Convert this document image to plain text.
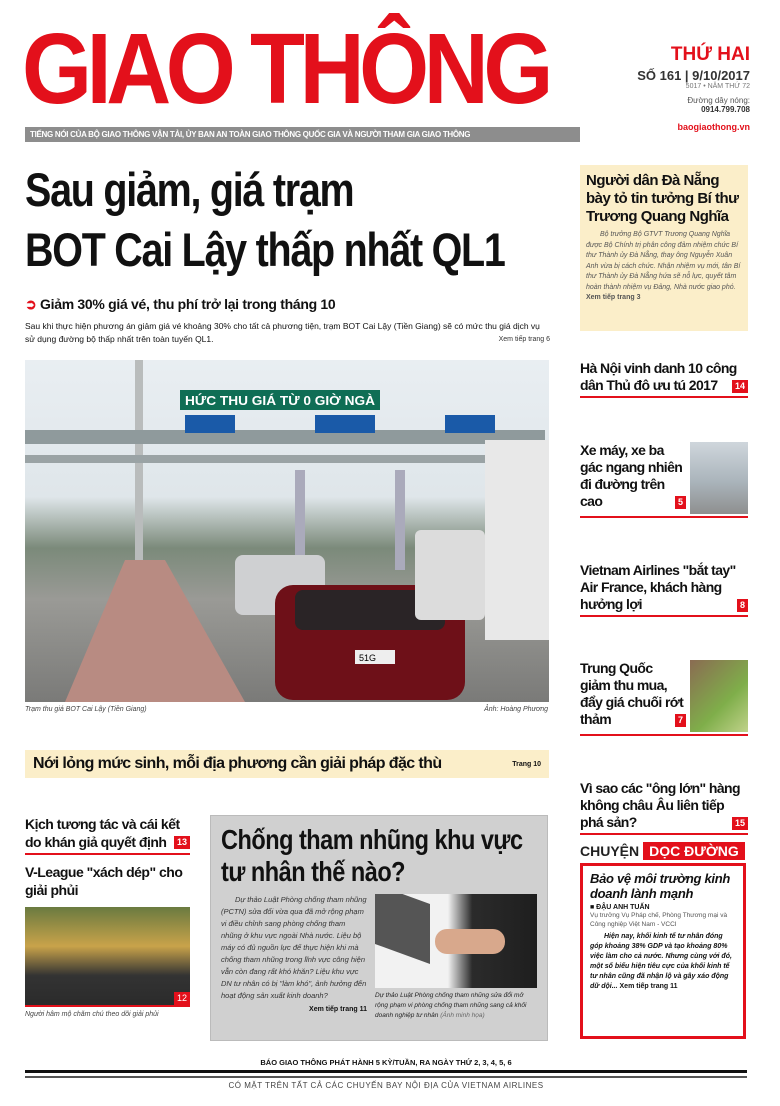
GIAO THÔNG
TIẾNG NÓI CỦA BỘ GIAO THÔNG VẬN TẢI, ỦY BAN AN TOÀN GIAO THÔNG QUỐC GIA VÀ NGƯỜI THAM GIA GIAO THÔNG
THỨ HAI
SỐ 161 | 9/10/2017
5017 • NĂM THỨ 72
Đường dây nóng:
0914.799.708
baogiaothong.vn
Sau giảm, giá trạm
BOT Cai Lậy thấp nhất QL1
➲ Giảm 30% giá vé, thu phí trở lại trong tháng 10
Sau khi thực hiện phương án giảm giá vé khoảng 30% cho tất cả phương tiện, trạm BOT Cai Lậy (Tiền Giang) sẽ có mức thu giá dịch vụ sử dụng đường bộ thấp nhất trên toàn tuyến QL1.	Xem tiếp trang 6
HỨC THU GIÁ TỪ 0 GIỜ NGÀ
51G
Trạm thu giá BOT Cai Lậy (Tiền Giang)	Ảnh: Hoàng Phương
Nới lỏng mức sinh, mỗi địa phương cần giải pháp đặc thù	Trang 10
Kịch tương tác và cái kết do khán giả quyết định	13
V-League "xách dép" cho giải phủi
12
Người hâm mộ chăm chú theo dõi giải phủi
Chống tham nhũng khu vực tư nhân thế nào?
Dự thảo Luật Phòng chống tham nhũng (PCTN) sửa đổi vừa qua đã mở rộng phạm vi điều chỉnh sang phòng chống tham nhũng ở khu vực ngoài Nhà nước. Liệu bộ máy có đủ nguồn lực để thực hiện khi mà chống tham nhũng trong lĩnh vực công hiện vẫn còn đang rất khó khăn? Liệu khu vực DN tư nhân có bị "làm khó", ảnh hưởng đến hoạt động sản xuất kinh doanh?
Xem tiếp trang 11
Dự thảo Luật Phòng chống tham nhũng sửa đổi mở rộng phạm vi phòng chống tham nhũng sang cả khối doanh nghiệp tư nhân (Ảnh minh họa)
Người dân Đà Nẵng bày tỏ tin tưởng Bí thư Trương Quang Nghĩa
Bộ trưởng Bộ GTVT Trương Quang Nghĩa được Bộ Chính trị phân công đảm nhiệm chức Bí thư Thành ủy Đà Nẵng, thay ông Nguyễn Xuân Anh vừa bị cách chức. Nhận nhiệm vụ mới, tân Bí thư Thành ủy Đà Nẵng hứa sẽ nỗ lực, quyết tâm hoàn thành nhiệm vụ Đảng, Nhà nước giao phó. Xem tiếp trang 3
Hà Nội vinh danh 10 công dân Thủ đô ưu tú 2017	14
Xe máy, xe ba gác ngang nhiên đi đường trên cao	5
Vietnam Airlines "bắt tay" Air France, khách hàng hưởng lợi	8
Trung Quốc giảm thu mua, đẩy giá chuối rớt thảm	7
Vì sao các "ông lớn" hàng không châu Âu liên tiếp phá sản?	15
CHUYỆN DỌC ĐƯỜNG
Bảo vệ môi trường kinh doanh lành mạnh
■ ĐẬU ANH TUẤN
Vụ trưởng Vụ Pháp chế, Phòng Thương mại và Công nghiệp Việt Nam - VCCI
Hiện nay, khối kinh tế tư nhân đóng góp khoảng 38% GDP và tạo khoảng 80% việc làm cho cả nước. Nhưng cùng với đó, một số biểu hiện tiêu cực của khối kinh tế tư nhân cũng đã nhận lộ và gây xáo động dữ dội... Xem tiếp trang 11
BÁO GIAO THÔNG PHÁT HÀNH 5 KỲ/TUẦN, RA NGÀY THỨ 2, 3, 4, 5, 6
CÓ MẶT TRÊN TẤT CẢ CÁC CHUYẾN BAY NỘI ĐỊA CỦA VIETNAM AIRLINES
